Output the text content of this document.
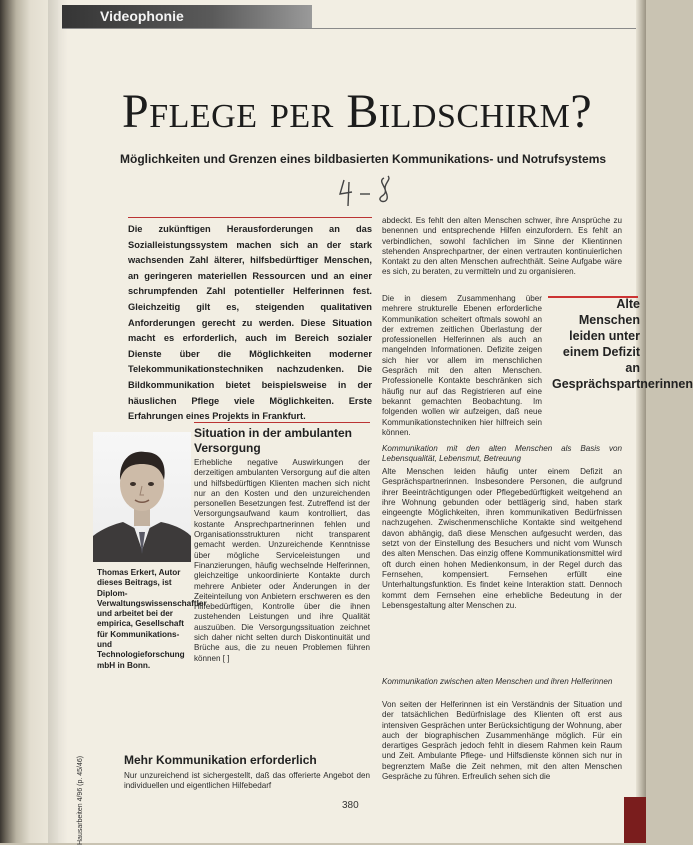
Videophonie
Pflege per Bildschirm?
Möglichkeiten und Grenzen eines bildbasierten Kommunikations- und Notrufsystems
4-8
Die zukünftigen Herausforderungen an das Sozialleistungssystem machen sich an der stark wachsenden Zahl älterer, hilfsbedürftiger Menschen, an geringeren materiellen Ressourcen und an einer schrumpfenden Zahl potentieller Helferinnen fest. Gleichzeitig gilt es, steigenden qualitativen Anforderungen gerecht zu werden. Diese Situation macht es erforderlich, auch im Bereich sozialer Dienste über die Möglichkeiten moderner Telekommunikationstechniken nachzudenken. Die Bildkommunikation bietet beispielsweise in der häuslichen Pflege viele Möglichkeiten. Erste Erfahrungen eines Projekts in Frankfurt.
Thomas Erkert, Autor dieses Beitrags, ist Diplom-Verwaltungswissenschaftler und arbeitet bei der empirica, Gesellschaft für Kommunikations- und Technologieforschung mbH in Bonn.
Hausarbeiten 4/96 (p. 45/46)
Situation in der ambulanten Versorgung
Erhebliche negative Auswirkungen der derzeitigen ambulanten Versorgung auf die alten und hilfsbedürftigen Klienten machen sich nicht nur an den Kosten und den unzureichenden personellen Besetzungen fest. Zutreffend ist der Versorgungsaufwand kaum kontrolliert, das kostante Ansprechpartnerinnen fehlen und Organisationsstrukturen nicht transparent gemacht werden. Unzureichende Kenntnisse über mögliche Serviceleistungen und Finanzierungen, häufig wechselnde Helferinnen, gleichzeitige unkoordinierte Kontakte durch mehrere Anbieter oder Änderungen in der Zeiteinteilung von Anbietern erschweren es den Hilfebedürftigen, Kontrolle über die ihnen zustehenden Leistungen und ihre Qualität auszuüben. Die Versorgungssituation zeichnet sich daher nicht selten durch Diskontinuität und Brüche aus, die zu neuen Problemen führen können [ ]
Mehr Kommunikation erforderlich
Nur unzureichend ist sichergestellt, daß das offerierte Angebot den individuellen und eigentlichen Hilfebedarf
abdeckt. Es fehlt den alten Menschen schwer, ihre Ansprüche zu benennen und entsprechende Hilfen einzufordern. Es fehlt an verbindlichen, sowohl fachlichen im Sinne der Klientinnen stehenden Ansprechpartner, der einen vertrauten kontinuierlichen Kontakt zu den alten Menschen aufrechthält. Seine Aufgabe wäre es sich, zu beraten, zu vermitteln und zu organisieren.
Die in diesem Zusammenhang über mehrere strukturelle Ebenen erforderliche Kommunikation scheitert oftmals sowohl an der extremen zeitlichen Überlastung der professionellen Helferinnen als auch an mangelnden Informationen. Defizite zeigen sich hier vor allem im menschlichen Gespräch mit den alten Menschen. Professionelle Kontakte beschränken sich häufig nur auf das Registrieren auf eine bekannt gemachten Beobachtung. Im folgenden wollen wir aufzeigen, daß neue Kommunikationstechniken hier hilfreich sein können.
Kommunikation mit den alten Menschen als Basis von Lebensqualität, Lebensmut, Betreuung
Alte Menschen leiden häufig unter einem Defizit an Gesprächspartnerinnen. Insbesondere Personen, die aufgrund ihrer Beeinträchtigungen oder Pflegebedürftigkeit weitgehend an ihre Wohnung gebunden oder bettlägerig sind, haben stark eingeengte Möglichkeiten, ihren kommunikativen Bedürfnissen nachzugehen. Zwischenmenschliche Kontakte sind weitgehend davon abhängig, daß diese Menschen aufgesucht werden, das setzt von der Einstellung des Besuchers und nicht vom Wunsch des alten Menschen. Das einzig offene Kommunikationsmittel wird oft durch einen hohen Medienkonsum, in der Regel durch das Fernsehen, kompensiert. Fernsehen erfüllt eine Unterhaltungsfunktion. Es findet keine Interaktion statt. Dennoch kommt dem Fernsehen eine erhebliche Bedeutung in der Lebensgestaltung alter Menschen zu.
Kommunikation zwischen alten Menschen und ihren Helferinnen
Von seiten der Helferinnen ist ein Verständnis der Situation und der tatsächlichen Bedürfnislage des Klienten oft erst aus intensiven Gesprächen unter Berücksichtigung der Wohnung, aber auch der biographischen Zusammenhänge möglich. Für ein derartiges Gespräch jedoch fehlt in diesem Rahmen kein Raum und Zeit. Ambulante Pflege- und Hilfsdienste können sich nur in begrenztem Maße die Zeit nehmen, mit den alten Menschen Gespräche zu führen. Erfreulich sehen sich die
Alte Menschen leiden unter einem Defizit an Gesprächspartnerinnen
380
